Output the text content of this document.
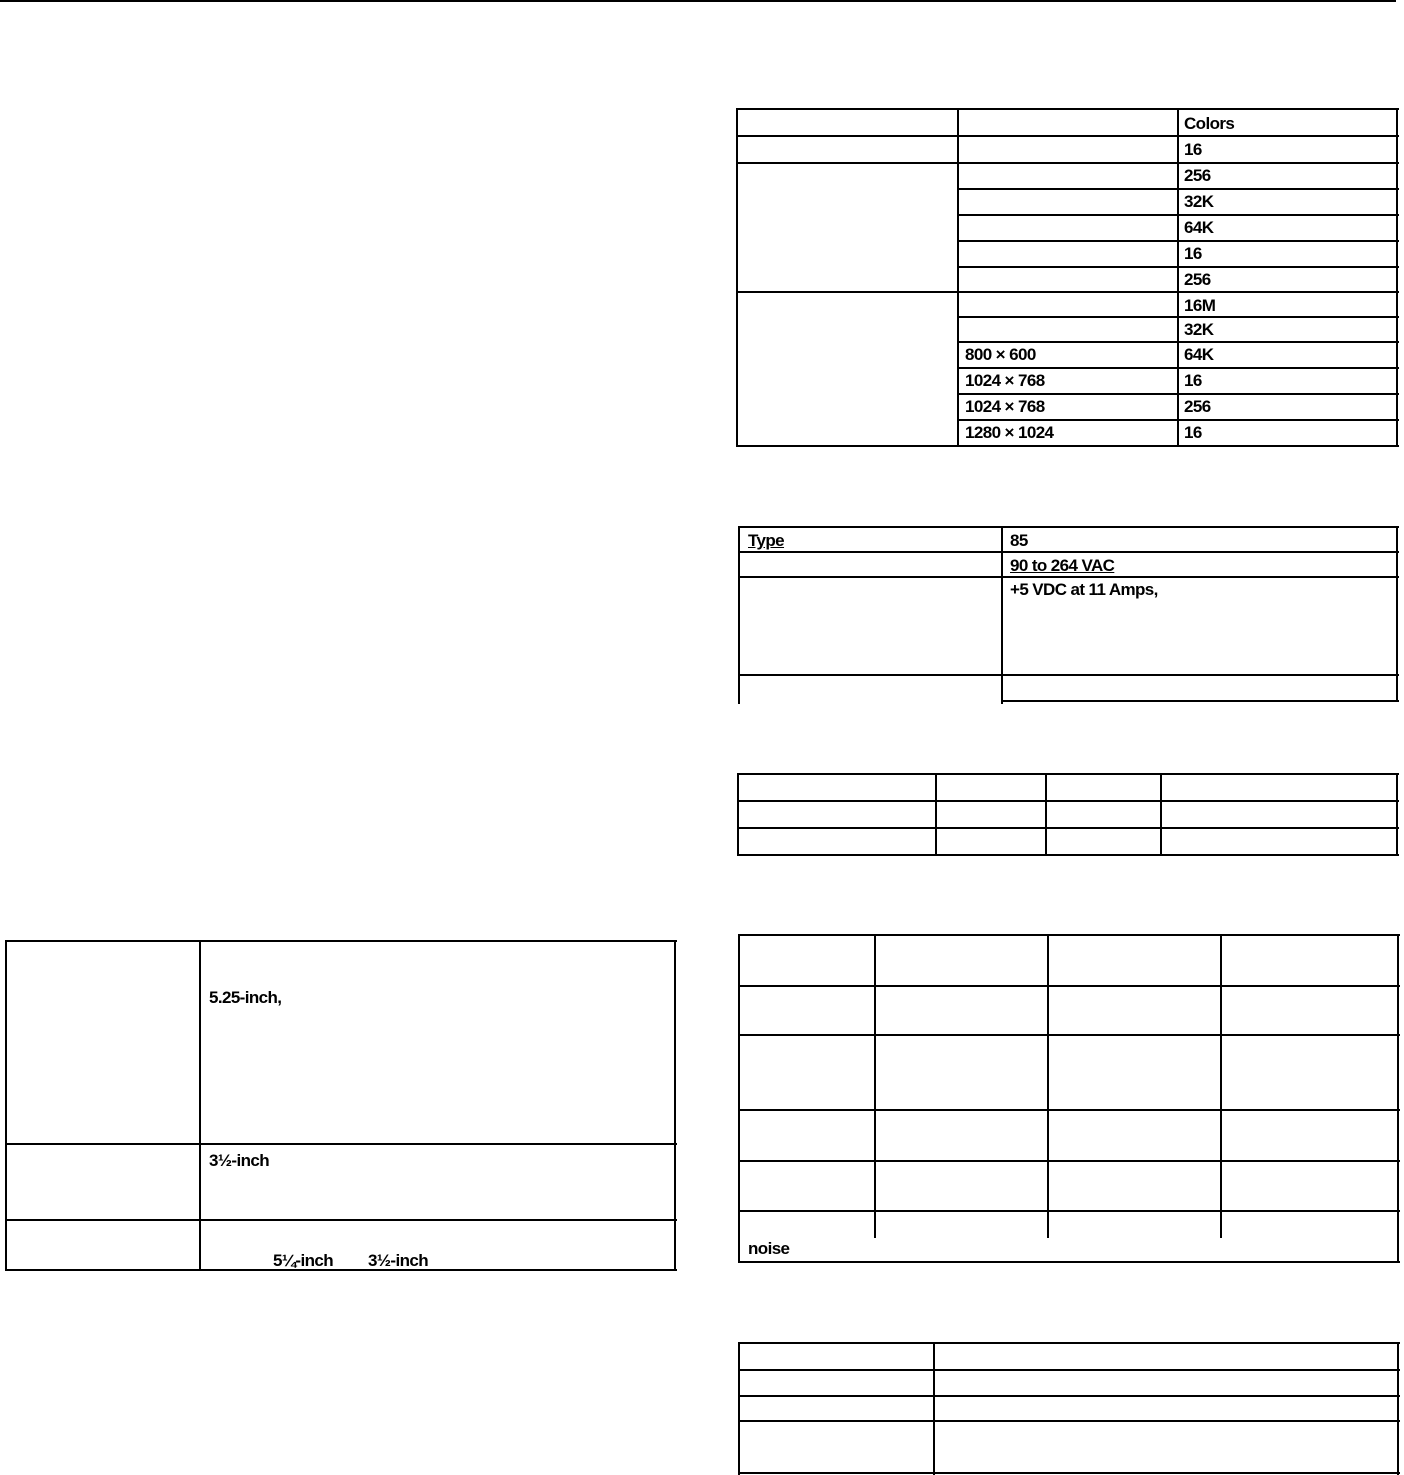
Colors
800 × 600
1024 × 768
1024 × 768
1280 × 1024
16
256
32K
64K
16
256
16M
32K
64K
16
256
16
Type	85
90 to 264 VAC
+5 VDC at 11 Amps,
noise
5.25-inch,
3½-inch
5¼-inch 3½-inch
